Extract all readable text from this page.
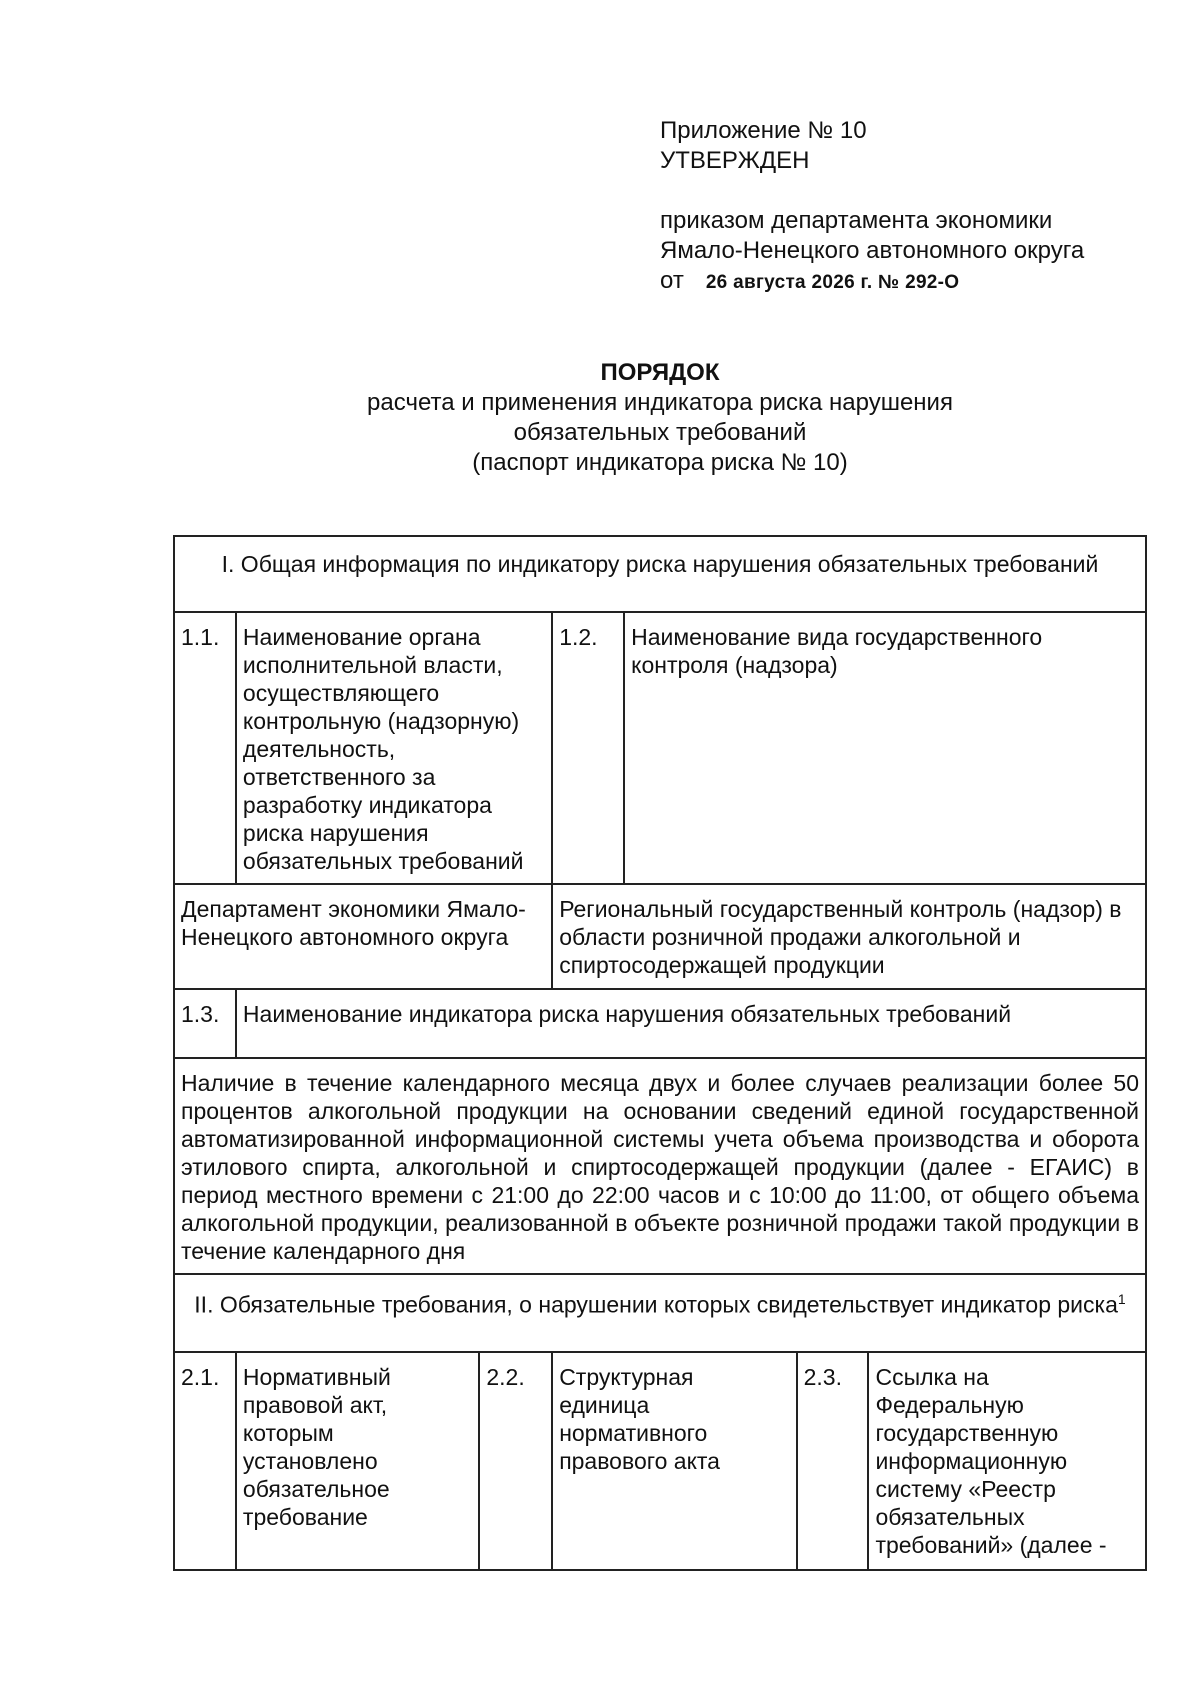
Приложение № 10
УТВЕРЖДЕН
приказом департамента экономики
Ямало-Ненецкого автономного округа
от 26 августа 2026 г. № 292-О
ПОРЯДОК
расчета и применения индикатора риска нарушения
обязательных требований
(паспорт индикатора риска № 10)
I. Общая информация по индикатору риска нарушения обязательных требований						
1.1.	Наименование органа исполнительной власти, осуществляющего контрольную (надзорную) деятельность, ответственного за разработку индикатора риска нарушения обязательных требований		1.2.	Наименование вида государственного контроля (надзора)		
Департамент экономики Ямало-Ненецкого автономного округа			Региональный государственный контроль (надзор) в области розничной продажи алкогольной и спиртосодержащей продукции			
1.3.	Наименование индикатора риска нарушения обязательных требований					
Наличие в течение календарного месяца двух и более случаев реализации более 50 процентов алкогольной продукции на основании сведений единой государственной автоматизированной информационной системы учета объема производства и оборота этилового спирта, алкогольной и спиртосодержащей продукции (далее - ЕГАИС) в период местного времени с 21:00 до 22:00 часов и с 10:00 до 11:00, от общего объема алкогольной продукции, реализованной в объекте розничной продажи такой продукции в течение календарного дня						
II. Обязательные требования, о нарушении которых свидетельствует индикатор риска$^1$
2.1.	Нормативный правовой акт, которым установлено обязательное требование	2.2.	Структурная единица нормативного правового акта		2.3.	Ссылка на Федеральную государственную информационную систему «Реестр обязательных требований» (далее -
